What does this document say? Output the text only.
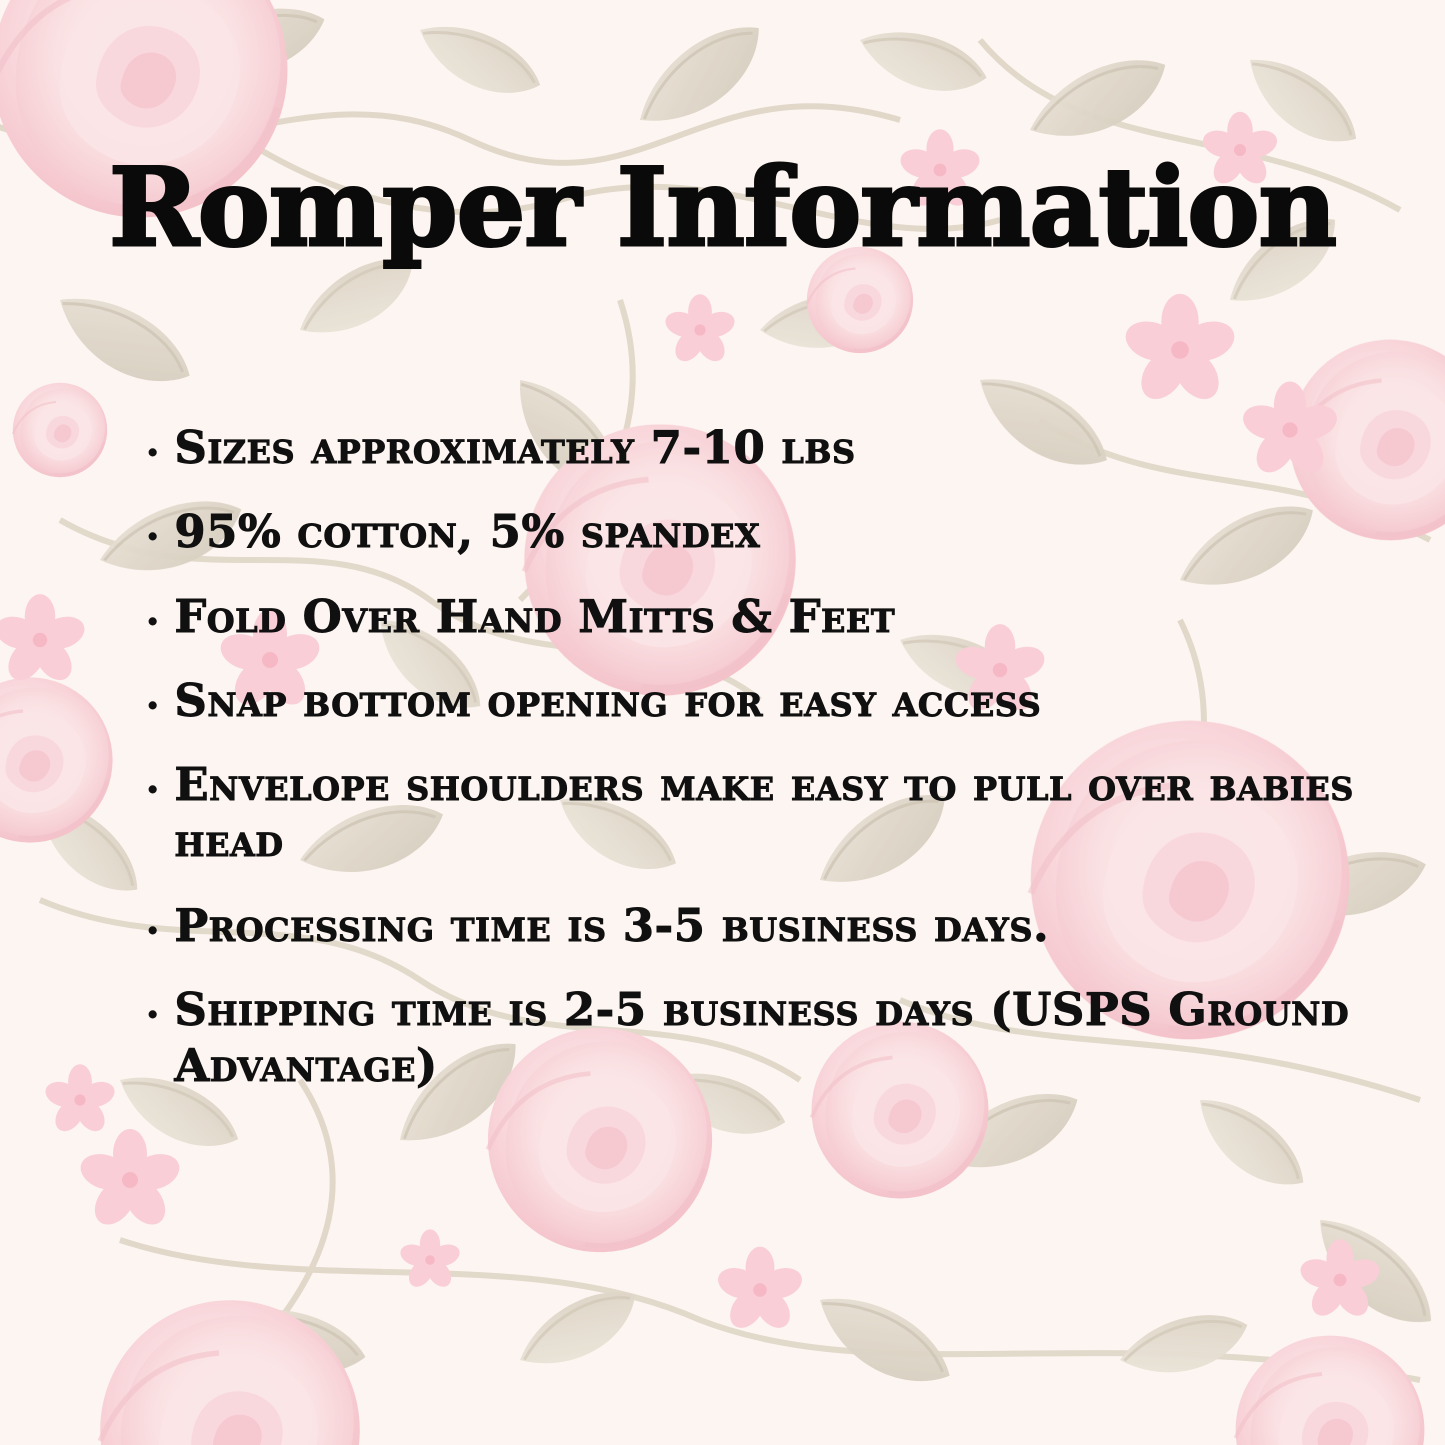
Romper Information
. Sizes approximately 7-10 lbs
. 95% cotton, 5% spandex
. Fold Over Hand Mitts & Feet
. Snap bottom opening for easy access
. Envelope shoulders make easy to pull over babies head
. Processing time is 3-5 business days.
. Shipping time is 2-5 business days (USPS Ground Advantage)
